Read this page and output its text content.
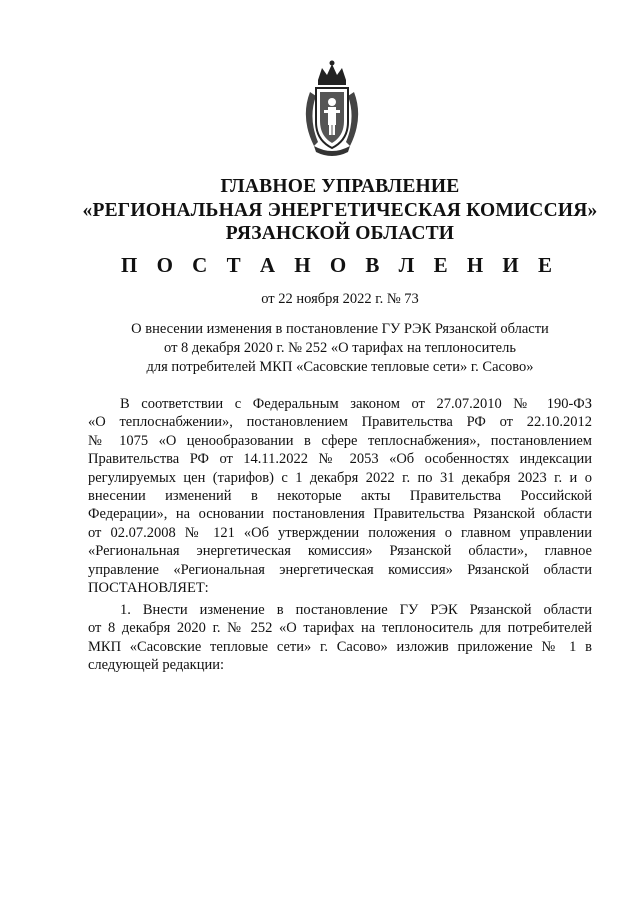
ГЛАВНОЕ УПРАВЛЕНИЕ
«РЕГИОНАЛЬНАЯ ЭНЕРГЕТИЧЕСКАЯ КОМИССИЯ»
РЯЗАНСКОЙ ОБЛАСТИ
П О С Т А Н О В Л Е Н И Е
от 22 ноября 2022 г. № 73
О внесении изменения в постановление ГУ РЭК Рязанской области
от 8 декабря 2020 г. № 252 «О тарифах на теплоноситель
для потребителей МКП «Сасовские тепловые сети» г. Сасово»
В соответствии с Федеральным законом от 27.07.2010 № 190-ФЗ
«О теплоснабжении», постановлением Правительства РФ от 22.10.2012
№ 1075 «О ценообразовании в сфере теплоснабжения», постановлением
Правительства РФ от 14.11.2022 № 2053 «Об особенностях индексации
регулируемых цен (тарифов) с 1 декабря 2022 г. по 31 декабря 2023 г. и о
внесении изменений в некоторые акты Правительства Российской
Федерации», на основании постановления Правительства Рязанской области
от 02.07.2008 № 121 «Об утверждении положения о главном управлении
«Региональная энергетическая комиссия» Рязанской области», главное
управление «Региональная энергетическая комиссия» Рязанской области
ПОСТАНОВЛЯЕТ:
1. Внести изменение в постановление ГУ РЭК Рязанской области
от 8 декабря 2020 г. № 252 «О тарифах на теплоноситель для потребителей
МКП «Сасовские тепловые сети» г. Сасово» изложив приложение № 1 в
следующей редакции:
